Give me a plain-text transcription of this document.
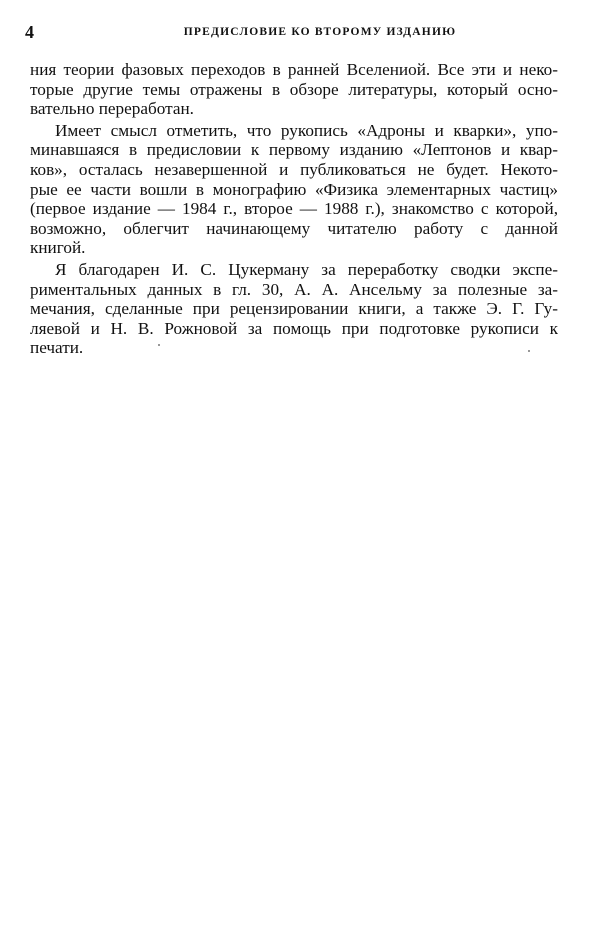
4	ПРЕДИСЛОВИЕ КО ВТОРОМУ ИЗДАНИЮ
ния теории фазовых переходов в ранней Вселениой. Все эти и неко-
торые другие темы отражены в обзоре литературы, который осно-
вательно переработан.
Имеет смысл отметить, что рукопись «Адроны и кварки», упо-
минавшаяся в предисловии к первому изданию «Лептонов и квар-
ков», осталась незавершенной и публиковаться не будет. Некото-
рые ее части вошли в монографию «Физика элементарных частиц»
(первое издание — 1984 г., второе — 1988 г.), знакомство с которой,
возможно, облегчит начинающему читателю работу с данной
книгой.
Я благодарен И. С. Цукерману за переработку сводки экспе-
риментальных данных в гл. 30, А. А. Ансельму за полезные за-
мечания, сделанные при рецензировании книги, а также Э. Г. Гу-
ляевой и Н. В. Рожновой за помощь при подготовке рукописи к
печати.
